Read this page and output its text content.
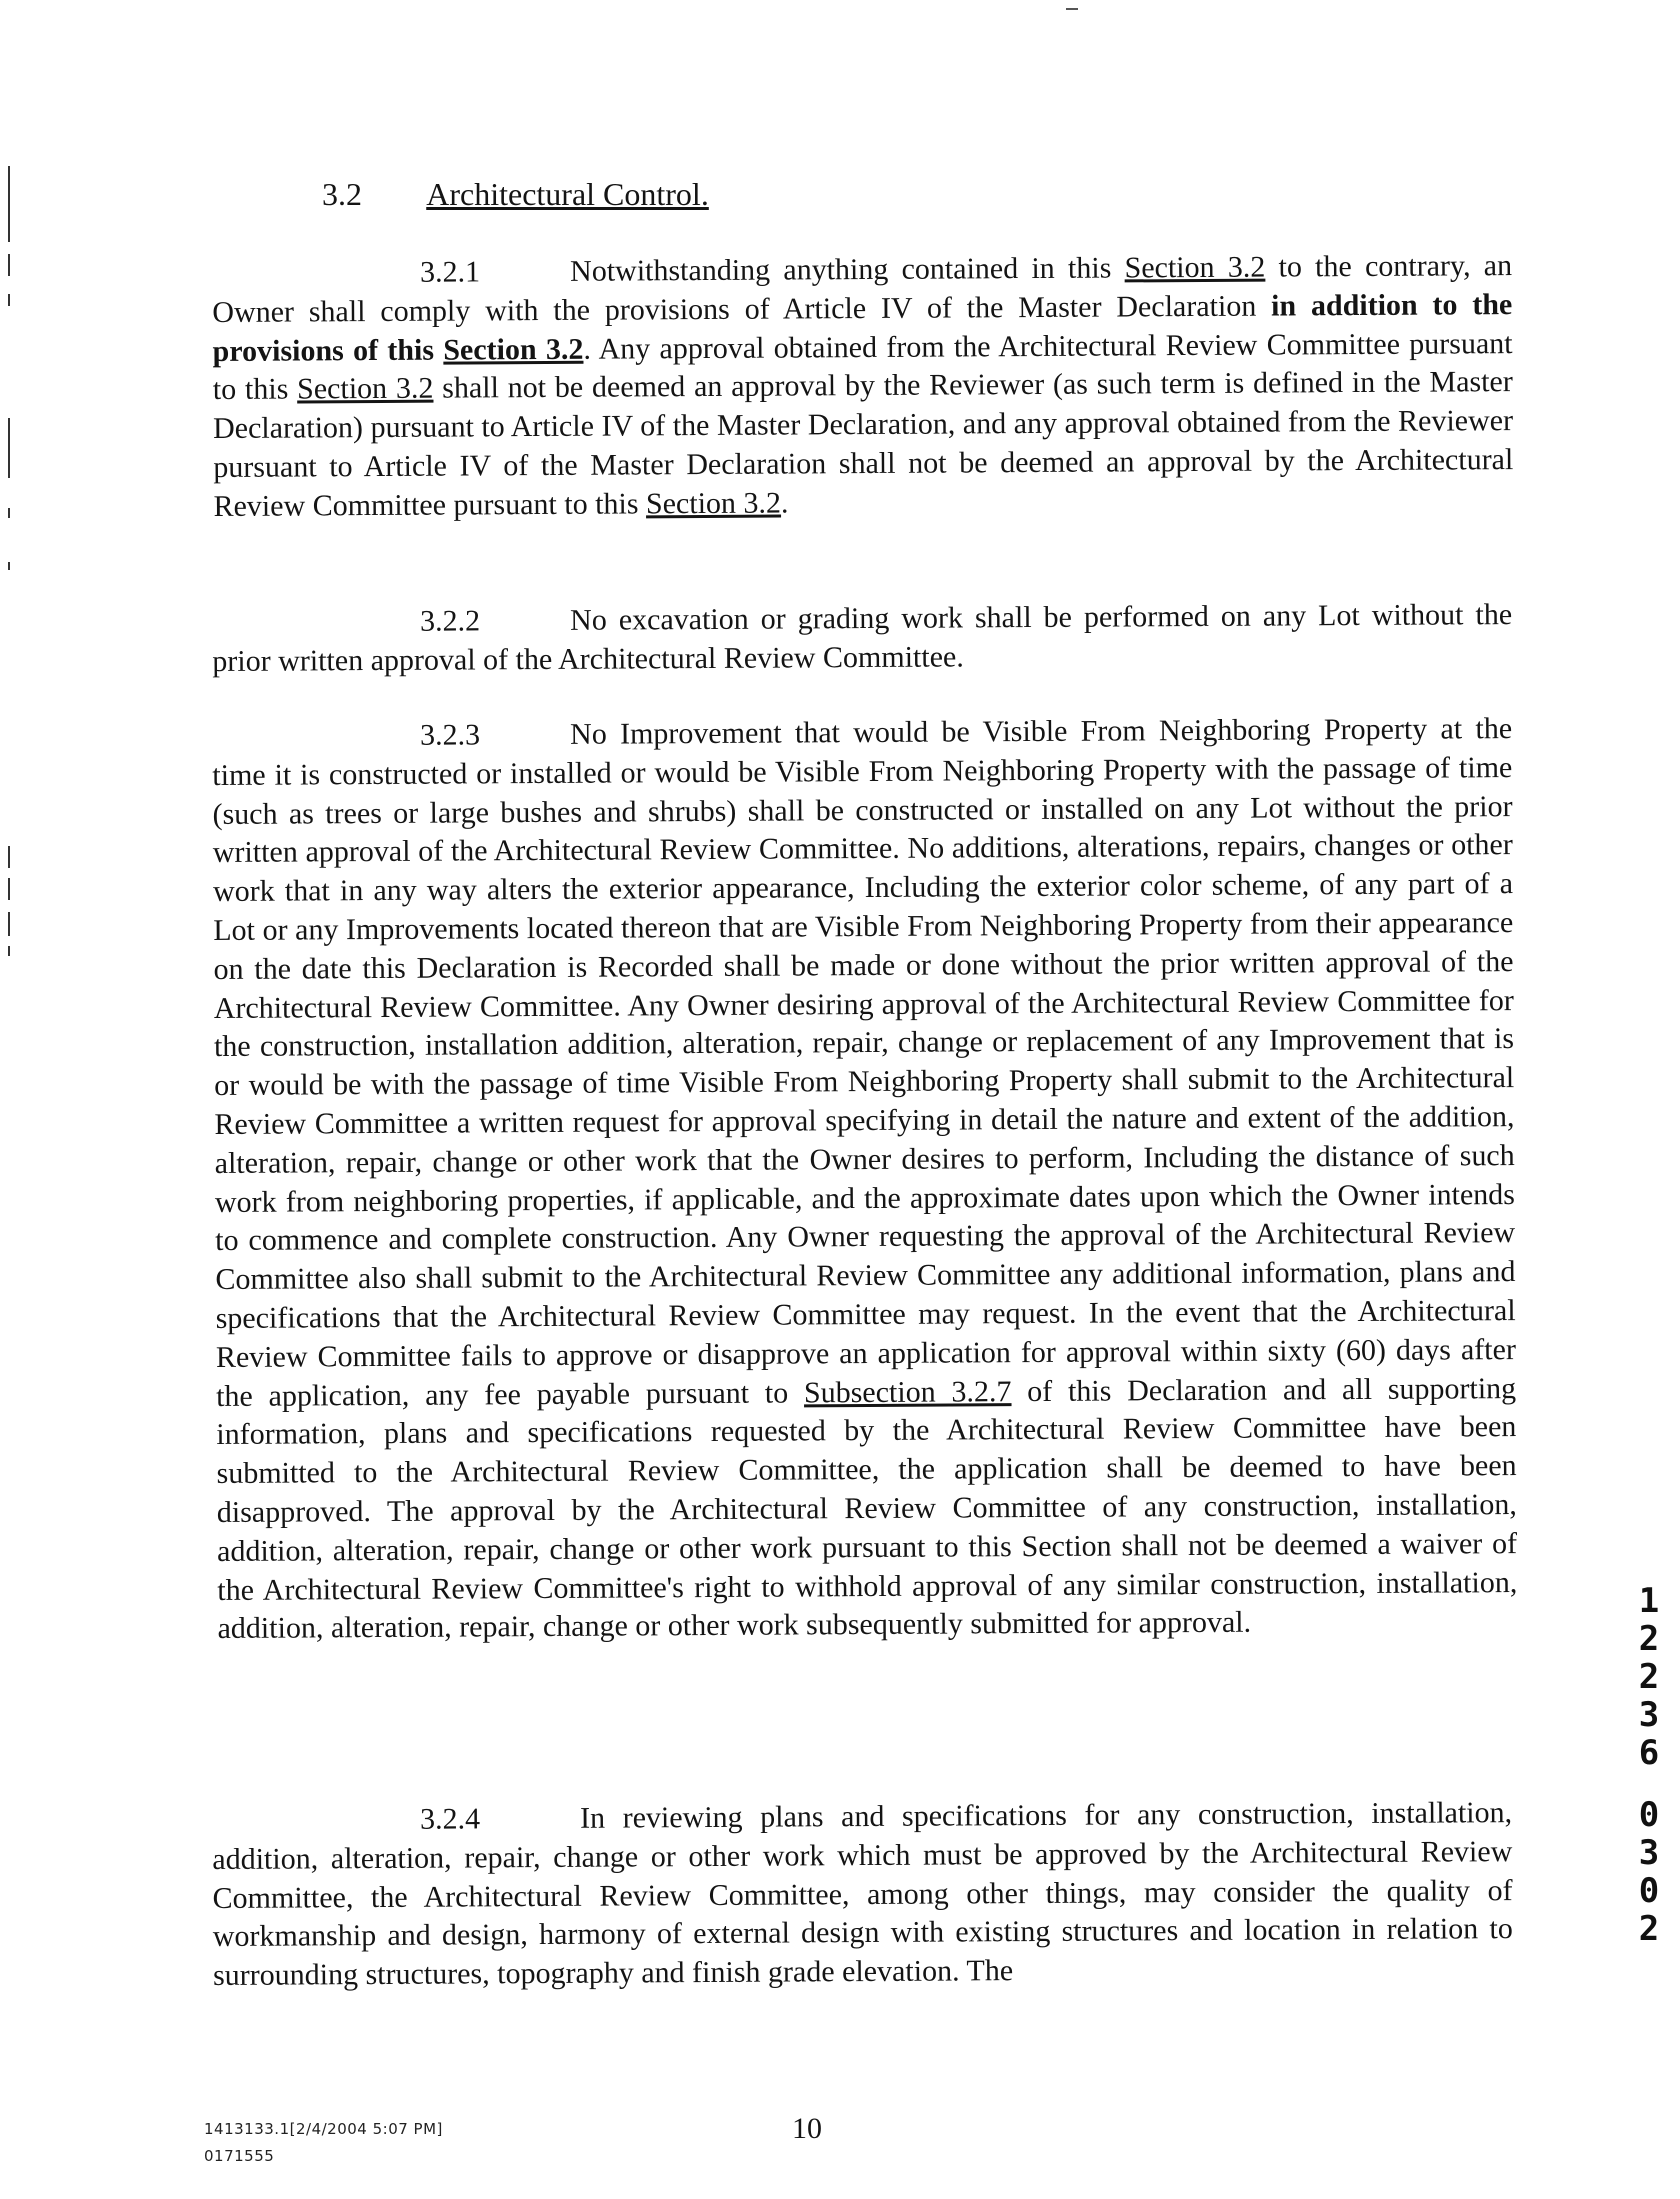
3.2 Architectural Control.

3.2.1	Notwithstanding anything contained in this Section 3.2 to the contrary, an Owner shall comply with the provisions of Article IV of the Master Declaration in addition to the provisions of this Section 3.2. Any approval obtained from the Architectural Review Committee pursuant to this Section 3.2 shall not be deemed an approval by the Reviewer (as such term is defined in the Master Declaration) pursuant to Article IV of the Master Declaration, and any approval obtained from the Reviewer pursuant to Article IV of the Master Declaration shall not be deemed an approval by the Architectural Review Committee pursuant to this Section 3.2.

3.2.2	No excavation or grading work shall be performed on any Lot without the prior written approval of the Architectural Review Committee.

3.2.3	No Improvement that would be Visible From Neighboring Property at the time it is constructed or installed or would be Visible From Neighboring Property with the passage of time (such as trees or large bushes and shrubs) shall be constructed or installed on any Lot without the prior written approval of the Architectural Review Committee. No additions, alterations, repairs, changes or other work that in any way alters the exterior appearance, Including the exterior color scheme, of any part of a Lot or any Improvements located thereon that are Visible From Neighboring Property from their appearance on the date this Declaration is Recorded shall be made or done without the prior written approval of the Architectural Review Committee. Any Owner desiring approval of the Architectural Review Committee for the construction, installation addition, alteration, repair, change or replacement of any Improvement that is or would be with the passage of time Visible From Neighboring Property shall submit to the Architectural Review Committee a written request for approval specifying in detail the nature and extent of the addition, alteration, repair, change or other work that the Owner desires to perform, Including the distance of such work from neighboring properties, if applicable, and the approximate dates upon which the Owner intends to commence and complete construction. Any Owner requesting the approval of the Architectural Review Committee also shall submit to the Architectural Review Committee any additional information, plans and specifications that the Architectural Review Committee may request. In the event that the Architectural Review Committee fails to approve or disapprove an application for approval within sixty (60) days after the application, any fee payable pursuant to Subsection 3.2.7 of this Declaration and all supporting information, plans and specifications requested by the Architectural Review Committee have been submitted to the Architectural Review Committee, the application shall be deemed to have been disapproved. The approval by the Architectural Review Committee of any construction, installation, addition, alteration, repair, change or other work pursuant to this Section shall not be deemed a waiver of the Architectural Review Committee's right to withhold approval of any similar construction, installation, addition, alteration, repair, change or other work subsequently submitted for approval.

3.2.4	In reviewing plans and specifications for any construction, installation, addition, alteration, repair, change or other work which must be approved by the Architectural Review Committee, the Architectural Review Committee, among other things, may consider the quality of workmanship and design, harmony of external design with existing structures and location in relation to surrounding structures, topography and finish grade elevation. The

1
2
2
3
6
0
3
0
2
1413133.1[2/4/2004 5:07 PM]
0171555
10
